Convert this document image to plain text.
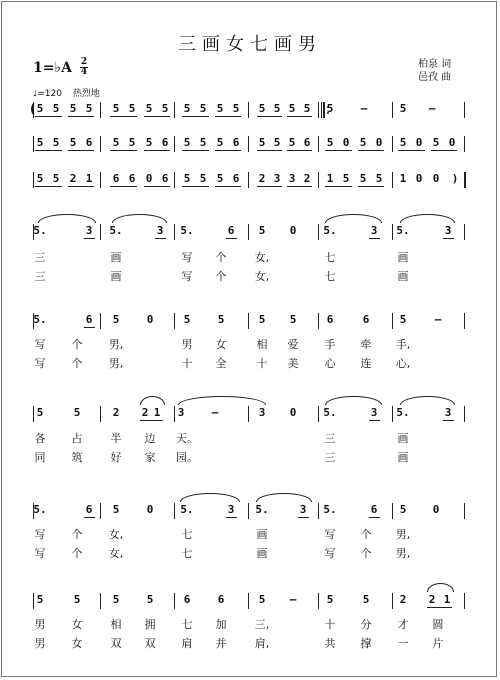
三画女七画男
1=♭A 2
4
柏泉 词
邑孜 曲
♩=120 热烈地
( 5 5 5 5 5 5 5 5 5 5 5 5 5 5 5 5 5 –	5 –
5 5 5 6 5 5 5 6 5 5 5 6 5 5 5 6 5 0 5 0 5 0 5 0
5 5 2 1 6 6 0 6 5 5 5 6 2 3 3 2 1 5 5 5 1 0 0 )
5.	3 5.	3 5.	6 5 0 5.	3 5.	3
5.	6 5 0	5 5	5 5	6	6	5	–
5	5	2 2 1 3 –	3 0 5.	3 5.	3
5.	6 5 0 5.	3 5.	3 5.	6 5 0
5	5	5 5	6 6	5 –	5	5	2 2 1
三	画	写 个	女,	七	画
三	画	写 个	女,	七	画
写 个 男,	男 女	相 爱 手 牵 手,
写 个 男,	十 全	十 美 心 连 心,
各 占	半 边 天。	三	画
同 筑	好 家 园。	三	画
写 个 女,	七	画	写 个 男,
写 个 女,	七	画	写 个 男,
男 女	相 拥 七 加	三,	十 分 才 圆
男 女	双 双 肩 并	肩,	共 撑 一 片
